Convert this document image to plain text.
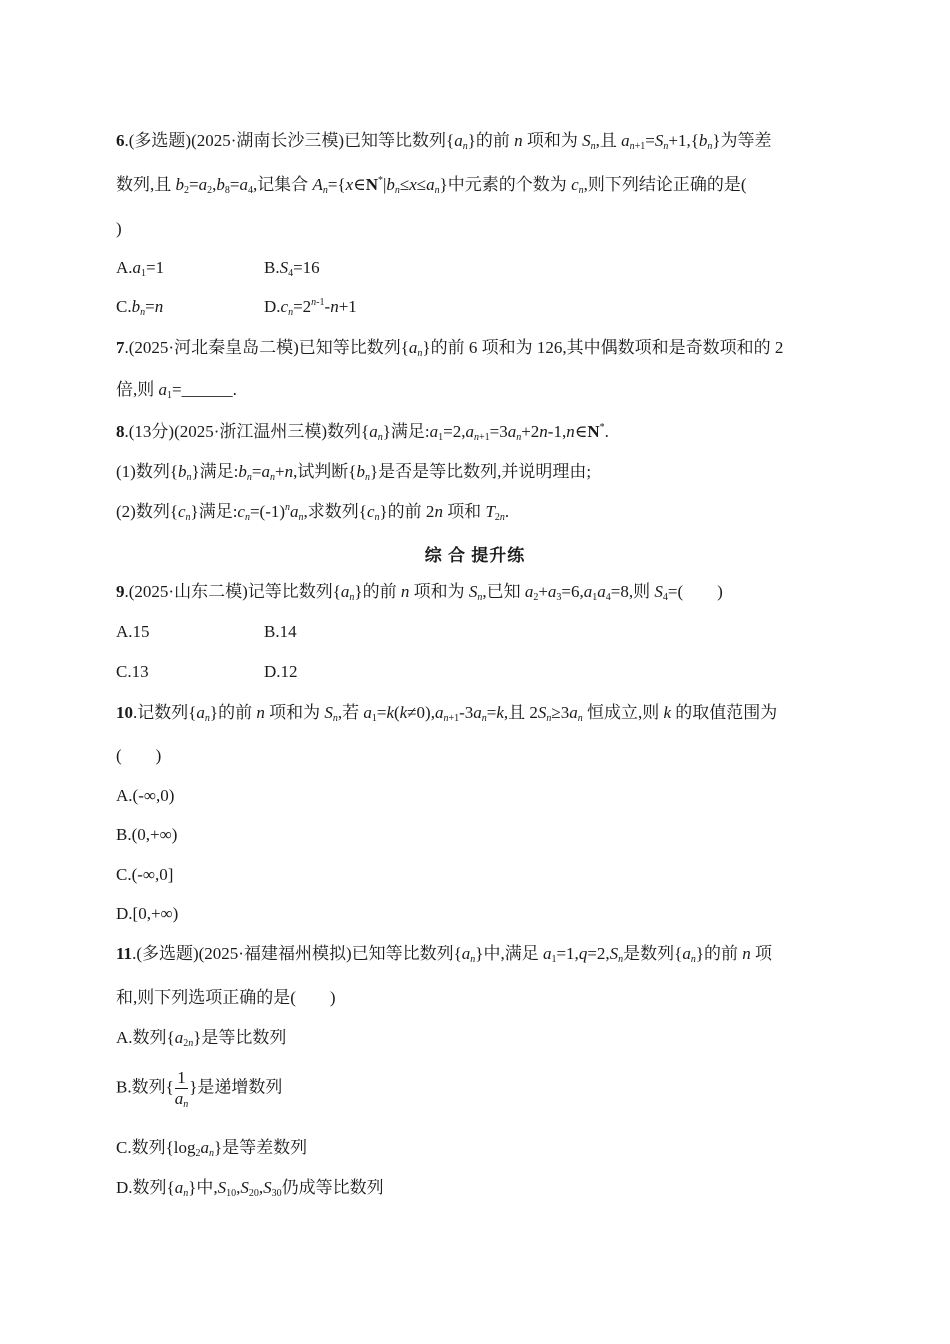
6.(多选题)(2025·湖南长沙三模)已知等比数列$\{a_n\}$的前 n 项和为 $S_n$,且 $a_{n+1}=S_n+1,\{b_n\}$为等差
数列,且 $b_2=a_2,b_8=a_4$,记集合 $A_n=\{x\in N^*|b_n\le x\le a_n\}$中元素的个数为 $c_n$,则下列结论正确的是(
)
$A.a_1=1$	$B.S_4=16$
$C.b_n=n$	$D.c_n=2^{n-1}-n+1$
7.(2025·河北秦皇岛二模)已知等比数列$\{a_n\}$的前 6 项和为 126,其中偶数项和是奇数项和的 2
倍,则 $a_1=\_\_\_\_\_\_$.
8.(13分)(2025·浙江温州三模)数列$\{a_n\}$满足$:a_1=2,a_{n+1}=3a_n+2n-1,n\in N^*$.
(1)数列$\{b_n\}$满足$:b_n=a_n+n$,试判断$\{b_n\}$是否是等比数列,并说明理由;
(2)数列$\{c_n\}$满足$:c_n=(-1)^na_n$,求数列$\{c_n\}$的前 2n 项和 $T_{2n}$.
综 合 提升练
9.(2025·山东二模)记等比数列$\{a_n\}$的前 n 项和为 $S_n$,已知 $a_2+a_3=6,a_1a_4=8$,则 $S_4=$(　　)
A.15	B.14
C.13	D.12
10.记数列$\{a_n\}$的前 n 项和为 $S_n$,若 $a_1=k(k\ne 0),a_{n+1}-3a_n=k$,且 $2S_n\ge 3a_n$ 恒成立,则 k 的取值范围为
(　　)
A.(-∞,0)
B.(0,+∞)
C.(-∞,0]
D.[0,+∞)
11.(多选题)(2025·福建福州模拟)已知等比数列$\{a_n\}$中,满足 $a_1=1,q=2,S_n$是数列$\{a_n\}$的前 n 项
和,则下列选项正确的是(　　)
A.数列$\{a_{2n}\}$是等比数列
B.数列{ $\frac{1}{a_n}$ }是递增数列
C.数列$\{\log_2a_n\}$是等差数列
D.数列$\{a_n\}$中$,S_{10},S_{20},S_{30}$仍成等比数列
